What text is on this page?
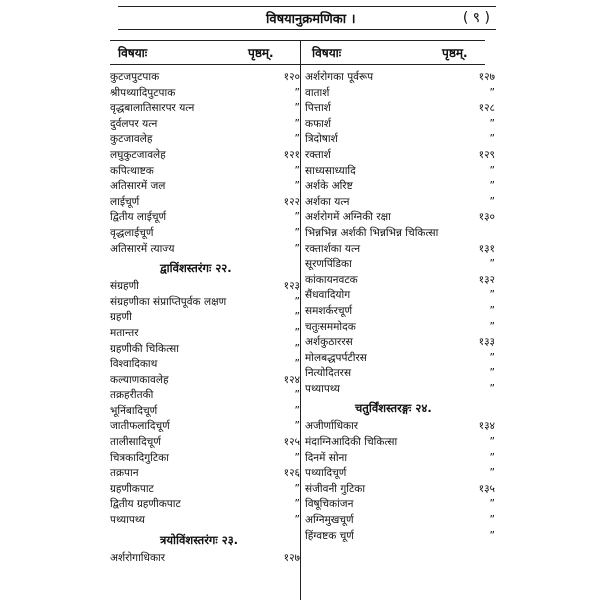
विषयानुक्रमणिका ।	( ९ )
विषयाः	पृष्ठम्.	विषयाः	पृष्ठम्.
कुटजपुटपाक	१२०
श्रीपथ्यादिपुटपाक	”
वृद्धबालातिसारपर यत्न	”
दुर्वलपर यत्न	”
कुटजावलेह	”
लघुकुटजावलेह	१२१
कपित्थाष्टक	”
अतिसारमें जल	”
लाईचूर्ण	१२२
द्वितीय लाईचूर्ण	”
वृद्धलाईचूर्ण	”
अतिसारमें त्याज्य	”
द्वाविंशस्तरंगः २२.
संग्रहणी	१२३
संग्रहणीका संप्राप्तिपूर्वक लक्षण	”
ग्रहणी	”
मतान्तर	”
ग्रहणीकी चिकित्सा	”
विश्वादिकाथ	”
कल्याणकावलेह	१२४
तक्रहरीतकी	”
भूनिंबादिचूर्ण	”
जातीफलादिचूर्ण	”
तालीसादिचूर्ण	१२५
चित्रकादिगुटिका	”
तक्रपान	१२६
ग्रहणीकपाट	”
द्वितीय ग्रहणीकपाट	”
पथ्यापथ्य	”
त्रयोविंशस्तरंगः २३.
अर्शरोगाधिकार	१२७
अर्शरोगका पूर्वरूप	१२७
वातार्श	”
पित्तार्श	१२८
कफार्श	”
त्रिदोषार्श	”
रक्तार्श	१२९
साध्यसाध्यादि	”
अर्शके अरिष्ट	”
अर्शका यत्न	”
अर्शरोगमें अग्निकी रक्षा	१३०
भिन्नभिन्न अर्शकी भिन्नभिन्न चिकित्सा
रक्तार्शका यत्न	१३१
सूरणपिंडिका	”
कांकायनवटक	१३२
सैंधवादियोग	”
समशर्करचूर्ण	”
चतुःसममोदक	”
अर्शकुठाररस	१३३
मोलबद्धपर्पटीरस	”
नित्योदितरस	”
पथ्यापथ्य	”
चतुर्विंशस्तरङ्गः २४.
अजीर्णाधिकार	१३४
मंदाग्निआदिकी चिकित्सा	”
दिनमें सोना	”
पथ्यादिचूर्ण	”
संजीवनी गुटिका	१३५
विषूचिकांजन	”
अग्निमुखचूर्ण	”
हिंग्वष्टक चूर्ण	”
